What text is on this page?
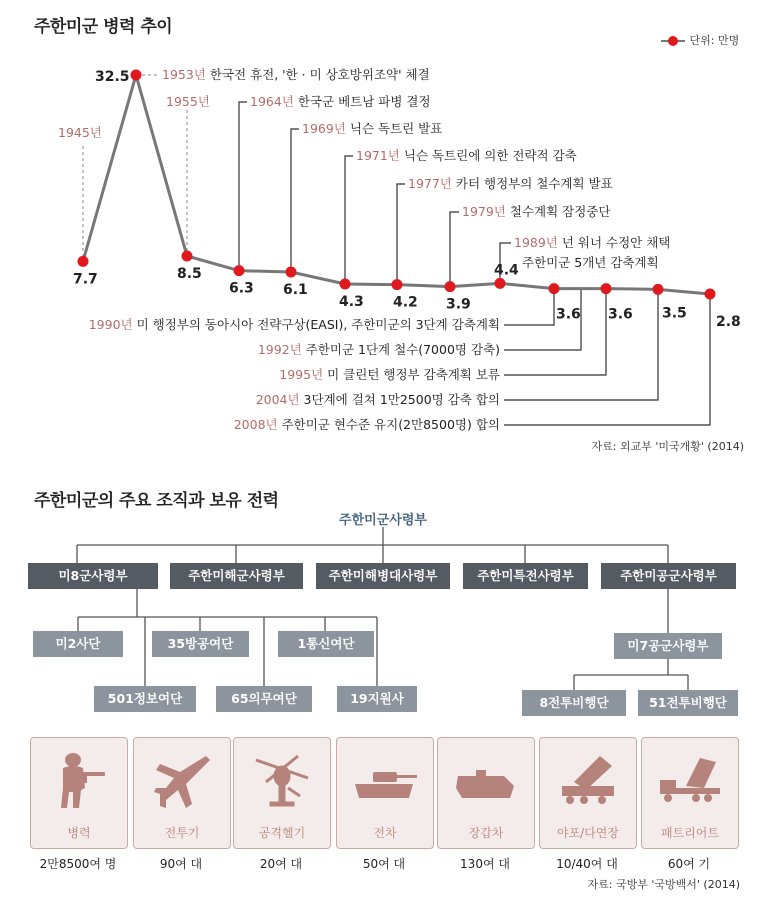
주한미군 병력 추이
단위: 만명
7.7
32.5
8.5
6.3 6.1
4.3 4.2 3.9
4.4
3.6 3.6 3.5
2.8
1945년
1953년 한국전 휴전, '한 · 미 상호방위조약' 체결
1955년	1964년 한국군 베트남 파병 결정
1969년 닉슨 독트린 발표
1971년 닉슨 독트린에 의한 전략적 감축
1977년 카터 행정부의 철수계획 발표
1979년 철수계획 잠정중단
1989년 넌 워너 수정안 채택
주한미군 5개년 감축계획
1990년 미 행정부의 동아시아 전략구상(EASI), 주한미군의 3단계 감축계획
1992년 주한미군 1단계 철수(7000명 감축)
1995년 미 클린턴 행정부 감축계획 보류
2004년 3단계에 걸쳐 1만2500명 감축 합의
2008년 주한미군 현수준 유지(2만8500명) 합의
자료: 외교부 '미국개황' (2014)
주한미군의 주요 조직과 보유 전력
주한미군사령부
미8군사령부	주한미해군사령부	주한미해병대사령부	주한미특전사령부	주한미공군사령부
미2사단	35방공여단	1통신여단
501정보여단	65의무여단	19지원사
미7공군사령부
8전투비행단	51전투비행단
병력	전투기	공격헬기	전차	장갑차	야포/다연장	패트리어트
2만8500여 명	90여 대	20여 대	50여 대	130여 대	10/40여 대	60여 기
자료: 국방부 '국방백서' (2014)
